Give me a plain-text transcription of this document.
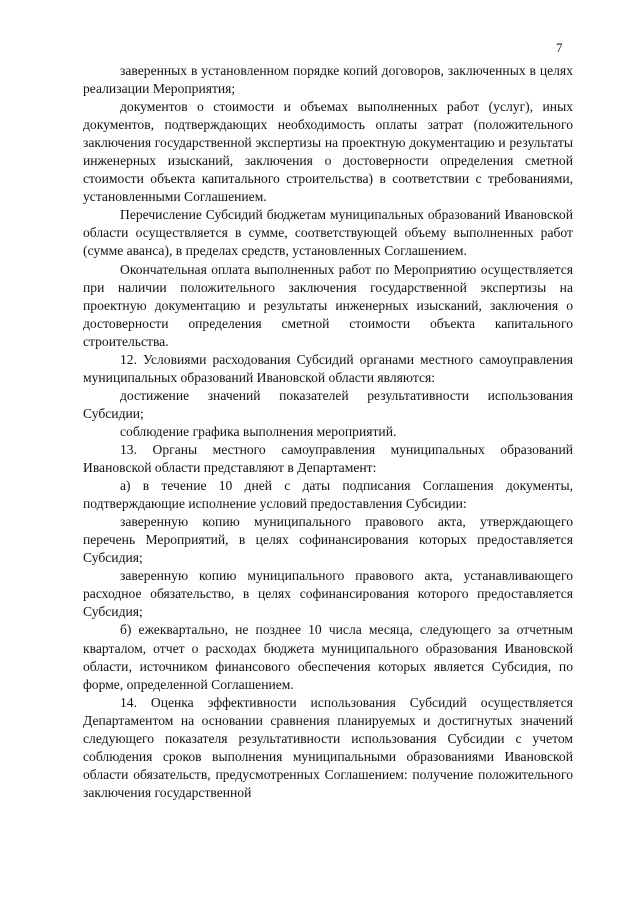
7

заверенных в установленном порядке копий договоров, заключенных в целях реализации Мероприятия;

документов о стоимости и объемах выполненных работ (услуг), иных документов, подтверждающих необходимость оплаты затрат (положительного заключения государственной экспертизы на проектную документацию и результаты инженерных изысканий, заключения о достоверности определения сметной стоимости объекта капитального строительства) в соответствии с требованиями, установленными Соглашением.

Перечисление Субсидий бюджетам муниципальных образований Ивановской области осуществляется в сумме, соответствующей объему выполненных работ (сумме аванса), в пределах средств, установленных Соглашением.

Окончательная оплата выполненных работ по Мероприятию осуществляется при наличии положительного заключения государственной экспертизы на проектную документацию и результаты инженерных изысканий, заключения о достоверности определения сметной стоимости объекта капитального строительства.

12. Условиями расходования Субсидий органами местного самоуправления муниципальных образований Ивановской области являются:

достижение значений показателей результативности использования Субсидии;

соблюдение графика выполнения мероприятий.

13. Органы местного самоуправления муниципальных образований Ивановской области представляют в Департамент:

а) в течение 10 дней с даты подписания Соглашения документы, подтверждающие исполнение условий предоставления Субсидии:

заверенную копию муниципального правового акта, утверждающего перечень Мероприятий, в целях софинансирования которых предоставляется Субсидия;

заверенную копию муниципального правового акта, устанавливающего расходное обязательство, в целях софинансирования которого предоставляется Субсидия;

б) ежеквартально, не позднее 10 числа месяца, следующего за отчетным кварталом, отчет о расходах бюджета муниципального образования Ивановской области, источником финансового обеспечения которых является Субсидия, по форме, определенной Соглашением.

14. Оценка эффективности использования Субсидий осуществляется Департаментом на основании сравнения планируемых и достигнутых значений следующего показателя результативности использования Субсидии с учетом соблюдения сроков выполнения муниципальными образованиями Ивановской области обязательств, предусмотренных Соглашением: получение положительного заключения государственной
